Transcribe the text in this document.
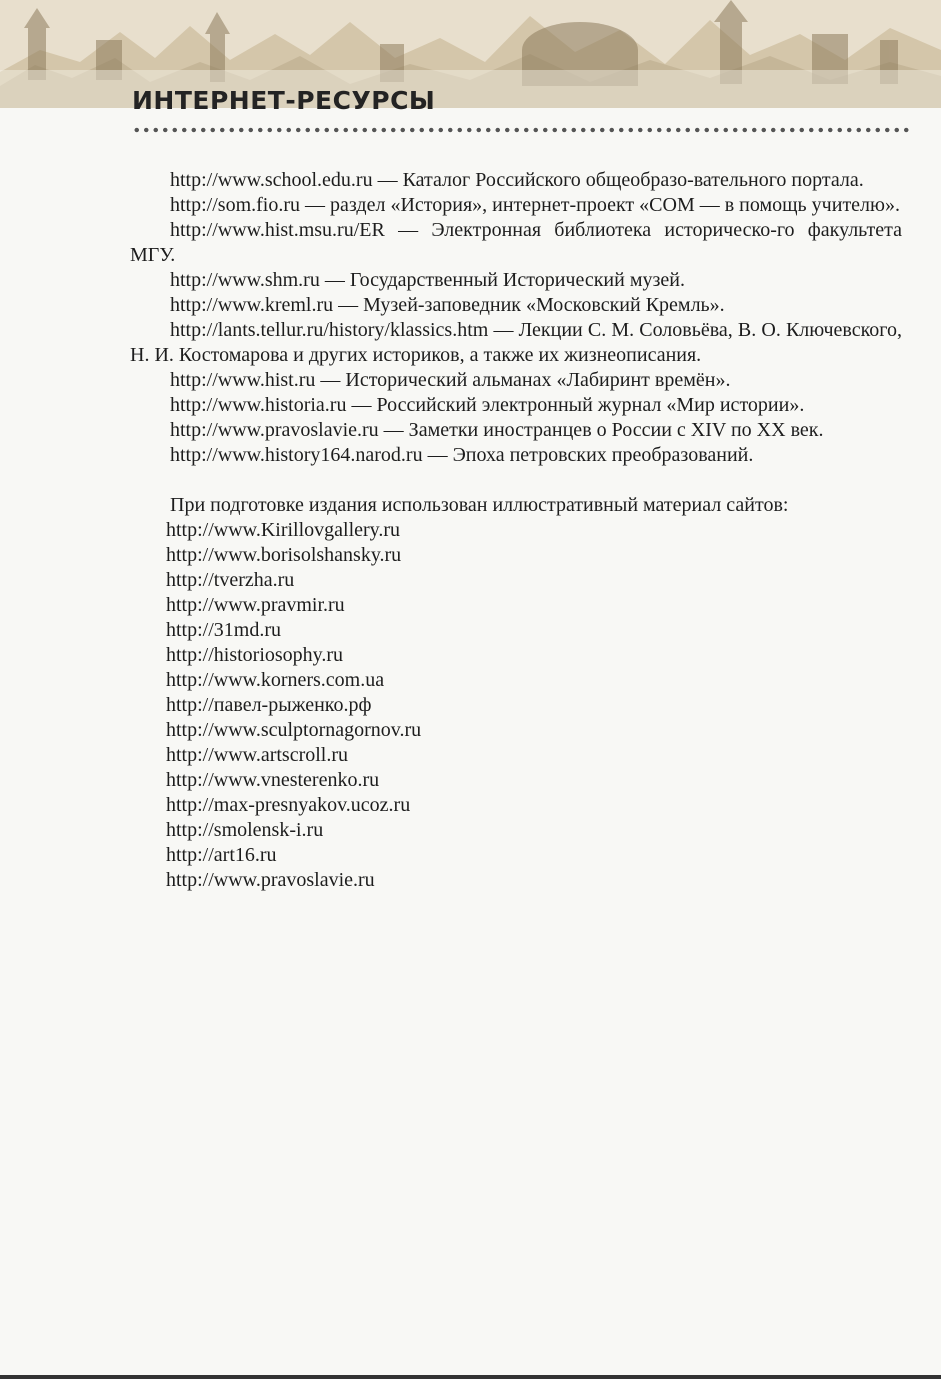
ИНТЕРНЕТ-РЕСУРСЫ

http://www.school.edu.ru — Каталог Российского общеобразо-вательного портала.

http://som.fio.ru — раздел «История», интернет-проект «СОМ — в помощь учителю».

http://www.hist.msu.ru/ER — Электронная библиотека историческо-го факультета МГУ.

http://www.shm.ru — Государственный Исторический музей.

http://www.kreml.ru — Музей-заповедник «Московский Кремль».

http://lants.tellur.ru/history/klassics.htm — Лекции С. М. Соловьёва, В. О. Ключевского, Н. И. Костомарова и других историков, а также их жизнеописания.

http://www.hist.ru — Исторический альманах «Лабиринт времён».

http://www.historia.ru — Российский электронный журнал «Мир истории».

http://www.pravoslavie.ru — Заметки иностранцев о России с XIV по XX век.

http://www.history164.narod.ru — Эпоха петровских преобразований.

При подготовке издания использован иллюстративный материал сайтов:

http://www.Kirillovgallery.ru
http://www.borisolshansky.ru
http://tverzha.ru
http://www.pravmir.ru
http://31md.ru
http://historiosophy.ru
http://www.korners.com.ua
http://павел-рыженко.рф
http://www.sculptornagornov.ru
http://www.artscroll.ru
http://www.vnesterenko.ru
http://max-presnyakov.ucoz.ru
http://smolensk-i.ru
http://art16.ru
http://www.pravoslavie.ru
